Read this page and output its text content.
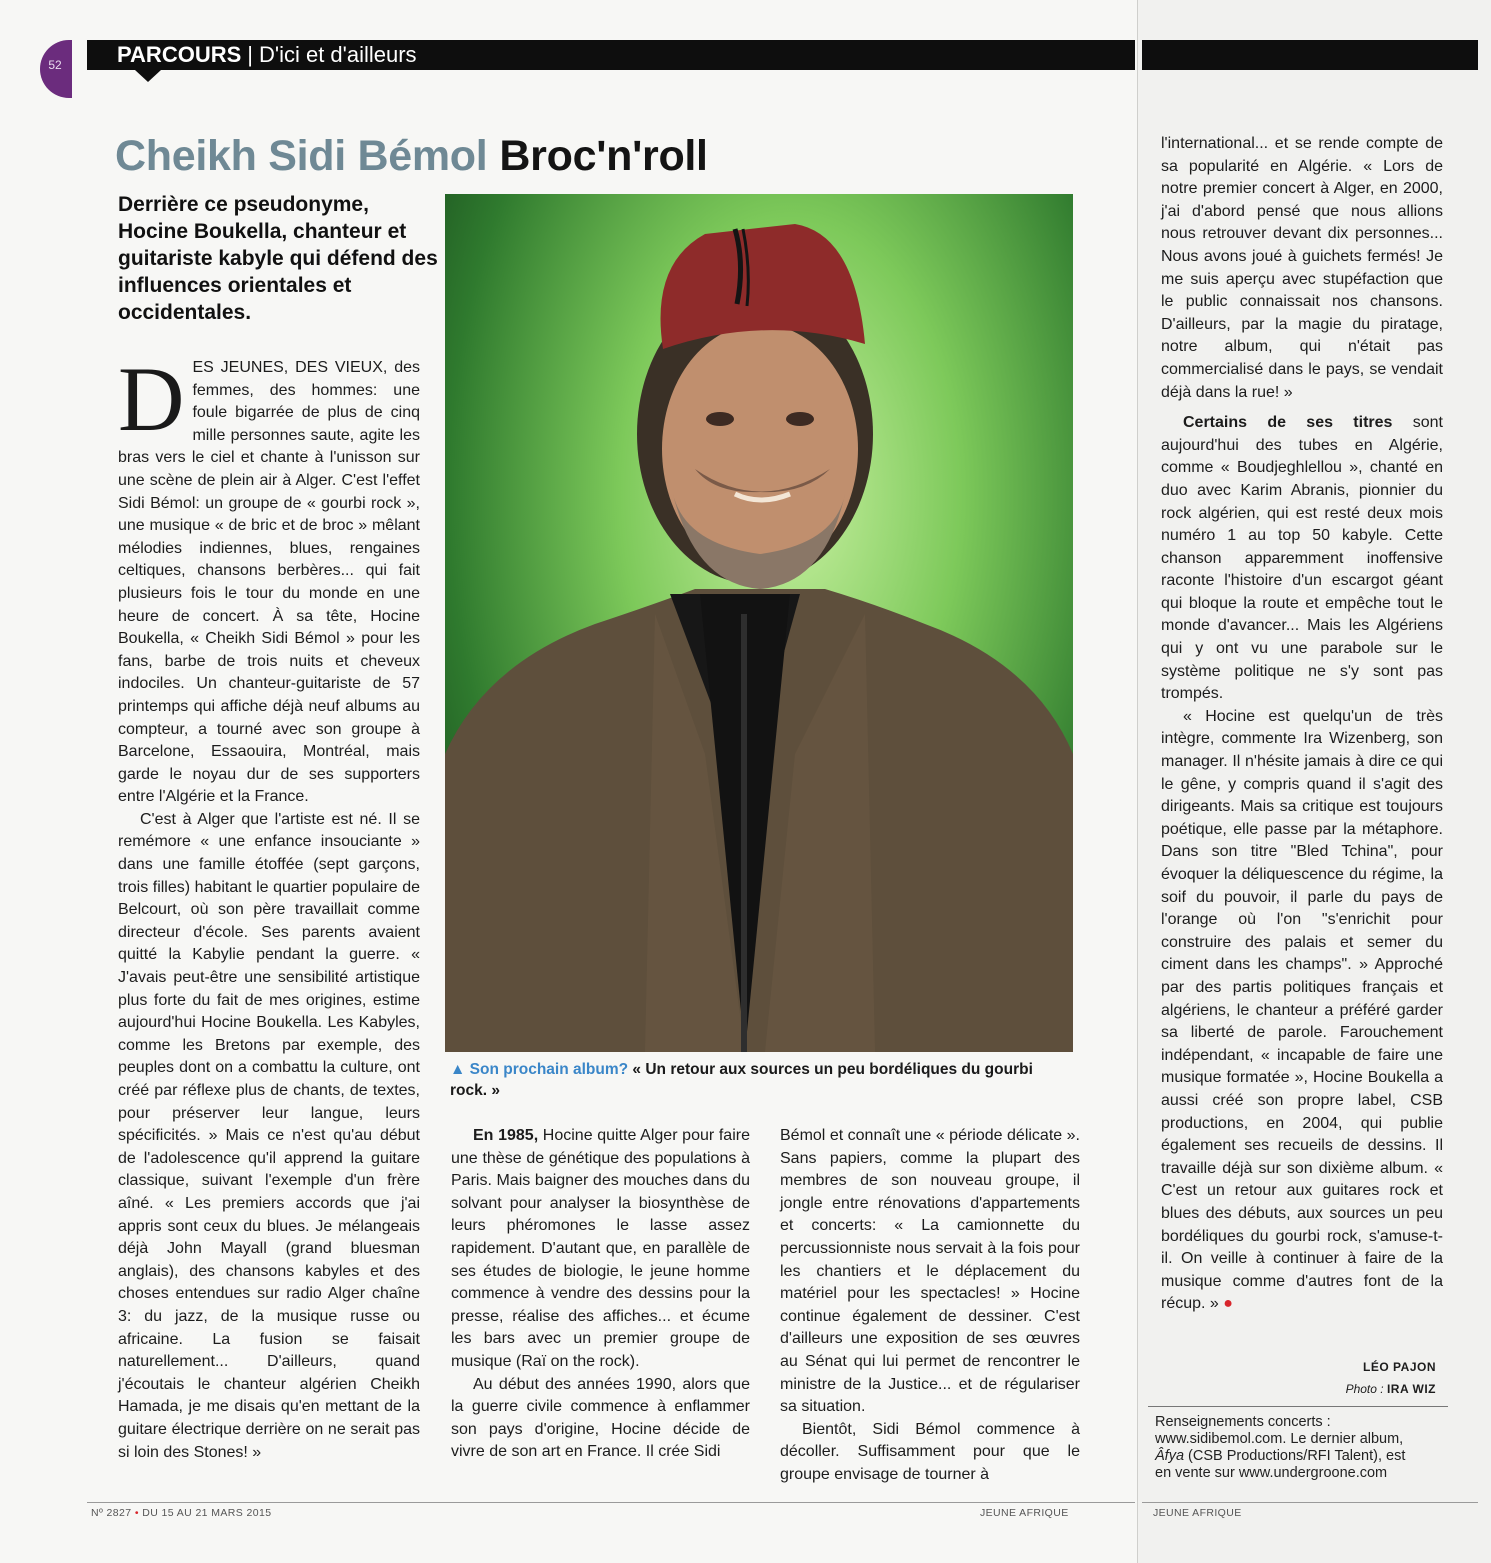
PARCOURS | D'ici et d'ailleurs
52
Cheikh Sidi Bémol Broc'n'roll
Derrière ce pseudonyme, Hocine Boukella, chanteur et guitariste kabyle qui défend des influences orientales et occidentales.

DES JEUNES, DES VIEUX, des femmes, des hommes: une foule bigarrée de plus de cinq mille personnes saute, agite les bras vers le ciel et chante à l'unisson sur une scène de plein air à Alger. C'est l'effet Sidi Bémol: un groupe de « gourbi rock », une musique « de bric et de broc » mêlant mélodies indiennes, blues, rengaines celtiques, chansons berbères... qui fait plusieurs fois le tour du monde en une heure de concert. À sa tête, Hocine Boukella, « Cheikh Sidi Bémol » pour les fans, barbe de trois nuits et cheveux indociles. Un chanteur-guitariste de 57 printemps qui affiche déjà neuf albums au compteur, a tourné avec son groupe à Barcelone, Essaouira, Montréal, mais garde le noyau dur de ses supporters entre l'Algérie et la France.

C'est à Alger que l'artiste est né. Il se remémore « une enfance insouciante » dans une famille étoffée (sept garçons, trois filles) habitant le quartier populaire de Belcourt, où son père travaillait comme directeur d'école. Ses parents avaient quitté la Kabylie pendant la guerre. « J'avais peut-être une sensibilité artistique plus forte du fait de mes origines, estime aujourd'hui Hocine Boukella. Les Kabyles, comme les Bretons par exemple, des peuples dont on a combattu la culture, ont créé par réflexe plus de chants, de textes, pour préserver leur langue, leurs spécificités. » Mais ce n'est qu'au début de l'adolescence qu'il apprend la guitare classique, suivant l'exemple d'un frère aîné. « Les premiers accords que j'ai appris sont ceux du blues. Je mélangeais déjà John Mayall (grand bluesman anglais), des chansons kabyles et des choses entendues sur radio Alger chaîne 3: du jazz, de la musique russe ou africaine. La fusion se faisait naturellement... D'ailleurs, quand j'écoutais le chanteur algérien Cheikh Hamada, je me disais qu'en mettant de la guitare électrique derrière on ne serait pas si loin des Stones! »

▲ Son prochain album? « Un retour aux sources un peu bordéliques du gourbi rock. »

En 1985, Hocine quitte Alger pour faire une thèse de génétique des populations à Paris. Mais baigner des mouches dans du solvant pour analyser la biosynthèse de leurs phéromones le lasse assez rapidement. D'autant que, en parallèle de ses études de biologie, le jeune homme commence à vendre des dessins pour la presse, réalise des affiches... et écume les bars avec un premier groupe de musique (Raï on the rock).

Au début des années 1990, alors que la guerre civile commence à enflammer son pays d'origine, Hocine décide de vivre de son art en France. Il crée Sidi

Bémol et connaît une « période délicate ». Sans papiers, comme la plupart des membres de son nouveau groupe, il jongle entre rénovations d'appartements et concerts: « La camionnette du percussionniste nous servait à la fois pour les chantiers et le déplacement du matériel pour les spectacles! » Hocine continue également de dessiner. C'est d'ailleurs une exposition de ses œuvres au Sénat qui lui permet de rencontrer le ministre de la Justice... et de régulariser sa situation.

Bientôt, Sidi Bémol commence à décoller. Suffisamment pour que le groupe envisage de tourner à

l'international... et se rende compte de sa popularité en Algérie. « Lors de notre premier concert à Alger, en 2000, j'ai d'abord pensé que nous allions nous retrouver devant dix personnes... Nous avons joué à guichets fermés! Je me suis aperçu avec stupéfaction que le public connaissait nos chansons. D'ailleurs, par la magie du piratage, notre album, qui n'était pas commercialisé dans le pays, se vendait déjà dans la rue! »

Certains de ses titres sont aujourd'hui des tubes en Algérie, comme « Boudjeghlellou », chanté en duo avec Karim Abranis, pionnier du rock algérien, qui est resté deux mois numéro 1 au top 50 kabyle. Cette chanson apparemment inoffensive raconte l'histoire d'un escargot géant qui bloque la route et empêche tout le monde d'avancer... Mais les Algériens qui y ont vu une parabole sur le système politique ne s'y sont pas trompés.

« Hocine est quelqu'un de très intègre, commente Ira Wizenberg, son manager. Il n'hésite jamais à dire ce qui le gêne, y compris quand il s'agit des dirigeants. Mais sa critique est toujours poétique, elle passe par la métaphore. Dans son titre "Bled Tchina", pour évoquer la déliquescence du régime, la soif du pouvoir, il parle du pays de l'orange où l'on "s'enrichit pour construire des palais et semer du ciment dans les champs". » Approché par des partis politiques français et algériens, le chanteur a préféré garder sa liberté de parole. Farouchement indépendant, « incapable de faire une musique formatée », Hocine Boukella a aussi créé son propre label, CSB productions, en 2004, qui publie également ses recueils de dessins. Il travaille déjà sur son dixième album. « C'est un retour aux guitares rock et blues des débuts, aux sources un peu bordéliques du gourbi rock, s'amuse-t-il. On veille à continuer à faire de la musique comme d'autres font de la récup. » ●

LÉO PAJON
Photo : IRA WIZ
Renseignements concerts :
www.sidibemol.com. Le dernier album,
Âfya (CSB Productions/RFI Talent), est
en vente sur www.undergroone.com
Nº 2827 • DU 15 AU 21 MARS 2015	JEUNE AFRIQUE	JEUNE AFRIQUE
